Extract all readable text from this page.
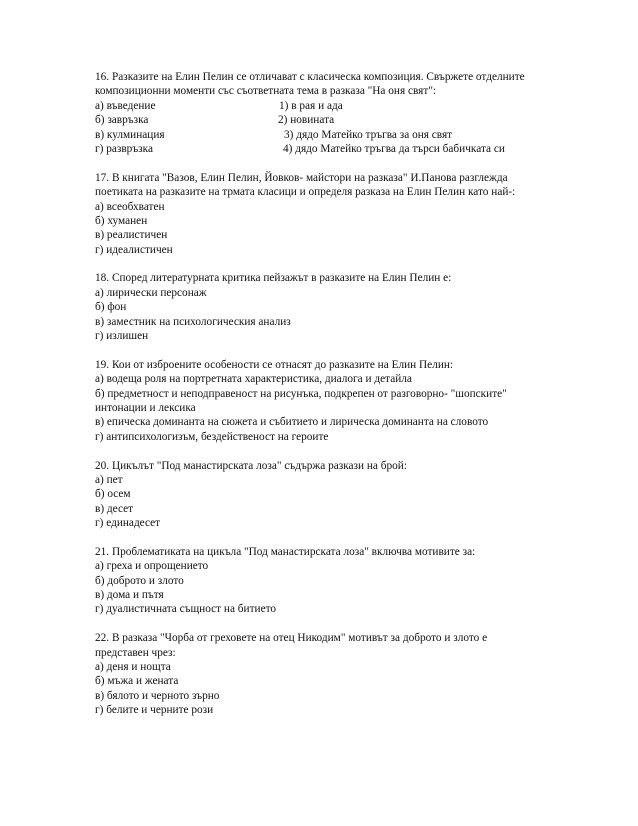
16. Разказите на Елин Пелин се отличават с класическа композиция. Свържете отделните
композиционни моменти със съответната тема в разказа "На оня свят":
а) въведение	1) в рая и ада
б) завръзка	2) новината
в) кулминация	3) дядо Матейко тръгва за оня свят
г) развръзка	4) дядо Матейко тръгва да търси бабичката си
17. В книгата "Вазов, Елин Пелин, Йовков- майстори на разказа" И.Панова разглежда
поетиката на разказите на трмата класици и определя разказа на Елин Пелин като най-:
а) всеобхватен
б) хуманен
в) реалистичен
г) идеалистичен
18. Според литературната критика пейзажът в разказите на Елин Пелин е:
а) лирически персонаж
б) фон
в) заместник на психологическия анализ
г) излишен
19. Кои от изброените особености се отнасят до разказите на Елин Пелин:
а) водеща роля на портретната характеристика, диалога и детайла
б) предметност и неподправеност на рисунъка, подкрепен от разговорно- "шопските"
интонации и лексика
в) епическа доминанта на сюжета и събитието и лирическа доминанта на словото
г) антипсихологизъм, бездейственост на героите
20. Цикълът "Под манастирската лоза" съдържа разкази на брой:
а) пет
б) осем
в) десет
г) единадесет
21. Проблематиката на цикъла "Под манастирската лоза" включва мотивите за:
а) греха и опрощението
б) доброто и злото
в) дома и пътя
г) дуалистичната същност на битието
22. В разказа "Чорба от греховете на отец Никодим" мотивът за доброто и злото е
представен чрез:
а) деня и нощта
б) мъжа и жената
в) бялото и черното зърно
г) белите и черните рози
